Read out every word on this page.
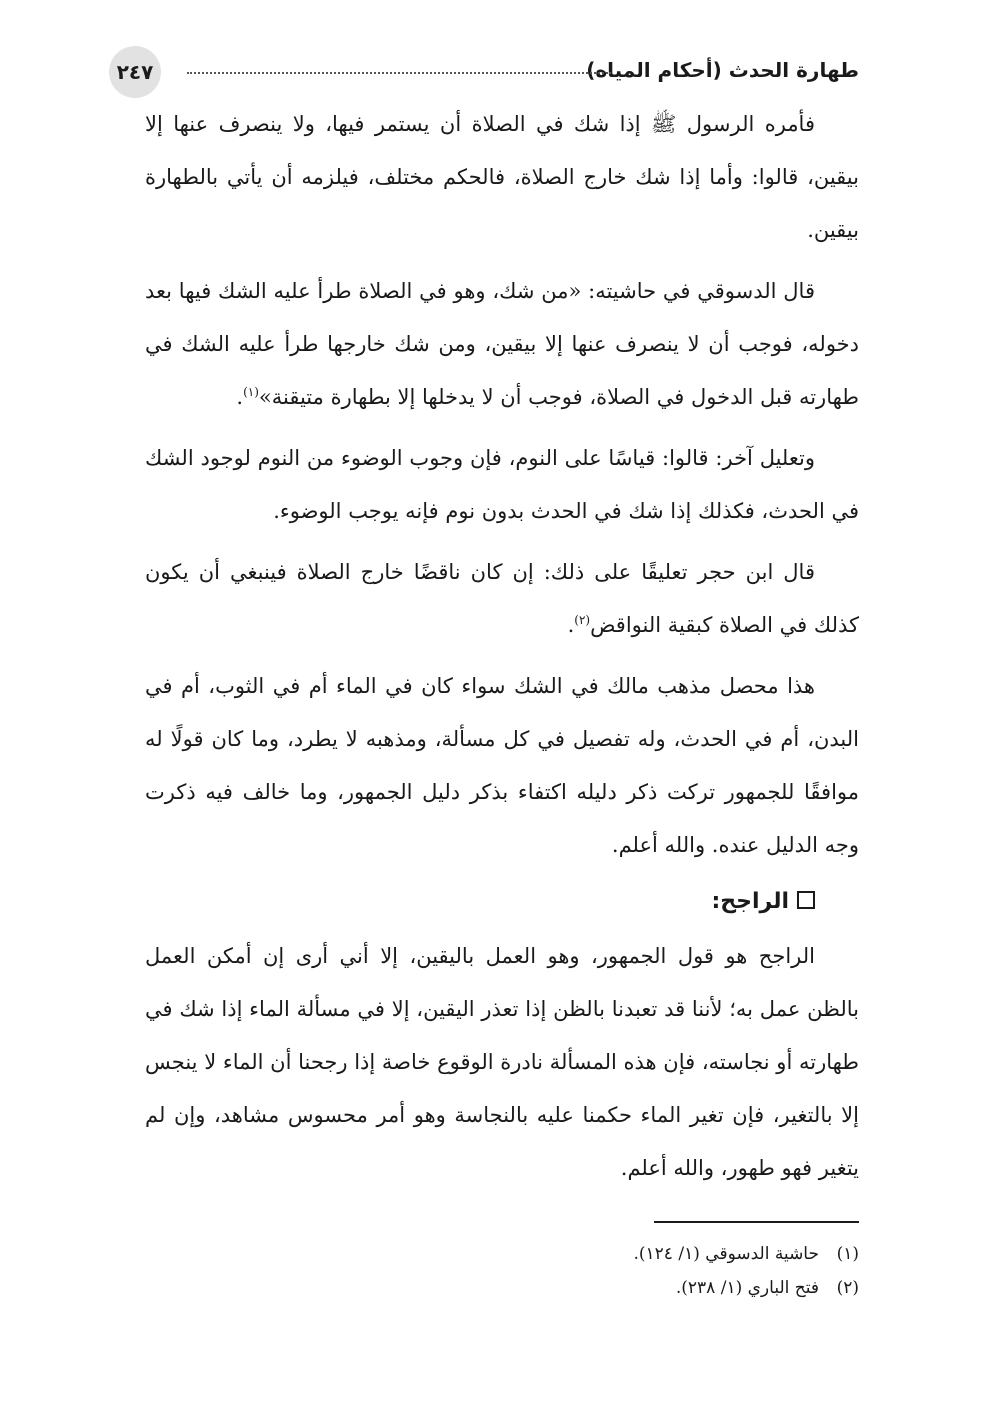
طهارة الحدث (أحكام المياه)
٢٤٧

فأمره الرسول ﷺ إذا شك في الصلاة أن يستمر فيها، ولا ينصرف عنها إلا بيقين، قالوا: وأما إذا شك خارج الصلاة، فالحكم مختلف، فيلزمه أن يأتي بالطهارة بيقين.

قال الدسوقي في حاشيته: «من شك، وهو في الصلاة طرأ عليه الشك فيها بعد دخوله، فوجب أن لا ينصرف عنها إلا بيقين، ومن شك خارجها طرأ عليه الشك في طهارته قبل الدخول في الصلاة، فوجب أن لا يدخلها إلا بطهارة متيقنة»$^{(١)}$.

وتعليل آخر: قالوا: قياسًا على النوم، فإن وجوب الوضوء من النوم لوجود الشك في الحدث، فكذلك إذا شك في الحدث بدون نوم فإنه يوجب الوضوء.

قال ابن حجر تعليقًا على ذلك: إن كان ناقضًا خارج الصلاة فينبغي أن يكون كذلك في الصلاة كبقية النواقض$^{(٢)}$.

هذا محصل مذهب مالك في الشك سواء كان في الماء أم في الثوب، أم في البدن، أم في الحدث، وله تفصيل في كل مسألة، ومذهبه لا يطرد، وما كان قولًا له موافقًا للجمهور تركت ذكر دليله اكتفاء بذكر دليل الجمهور، وما خالف فيه ذكرت وجه الدليل عنده. والله أعلم.

الراجح:

الراجح هو قول الجمهور، وهو العمل باليقين، إلا أني أرى إن أمكن العمل بالظن عمل به؛ لأننا قد تعبدنا بالظن إذا تعذر اليقين، إلا في مسألة الماء إذا شك في طهارته أو نجاسته، فإن هذه المسألة نادرة الوقوع خاصة إذا رجحنا أن الماء لا ينجس إلا بالتغير، فإن تغير الماء حكمنا عليه بالنجاسة وهو أمر محسوس مشاهد، وإن لم يتغير فهو طهور، والله أعلم.

(١)حاشية الدسوقي (١/ ١٢٤).

(٢)فتح الباري (١/ ٢٣٨).
